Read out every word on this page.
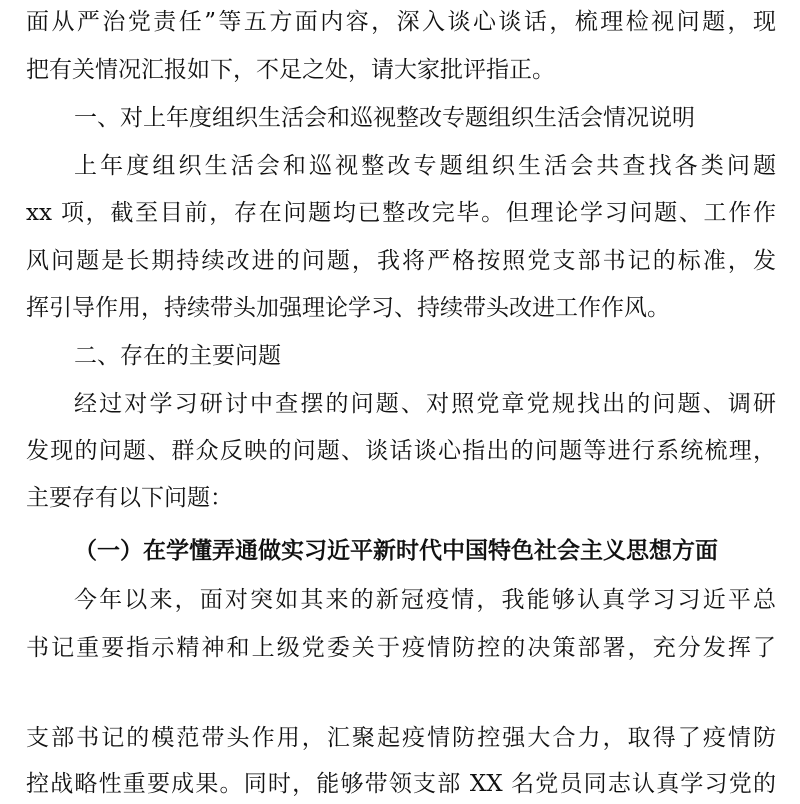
面从严治党责任”等五方面内容，深入谈心谈话，梳理检视问题，现
把有关情况汇报如下，不足之处，请大家批评指正。
一、对上年度组织生活会和巡视整改专题组织生活会情况说明
上年度组织生活会和巡视整改专题组织生活会共查找各类问题
xx 项，截至目前，存在问题均已整改完毕。但理论学习问题、工作作
风问题是长期持续改进的问题，我将严格按照党支部书记的标准，发
挥引导作用，持续带头加强理论学习、持续带头改进工作作风。
二、存在的主要问题
经过对学习研讨中查摆的问题、对照党章党规找出的问题、调研
发现的问题、群众反映的问题、谈话谈心指出的问题等进行系统梳理，
主要存有以下问题：
（一）在学懂弄通做实习近平新时代中国特色社会主义思想方面
今年以来，面对突如其来的新冠疫情，我能够认真学习习近平总
书记重要指示精神和上级党委关于疫情防控的决策部署，充分发挥了
支部书记的模范带头作用，汇聚起疫情防控强大合力，取得了疫情防
控战略性重要成果。同时，能够带领支部 XX 名党员同志认真学习党的
